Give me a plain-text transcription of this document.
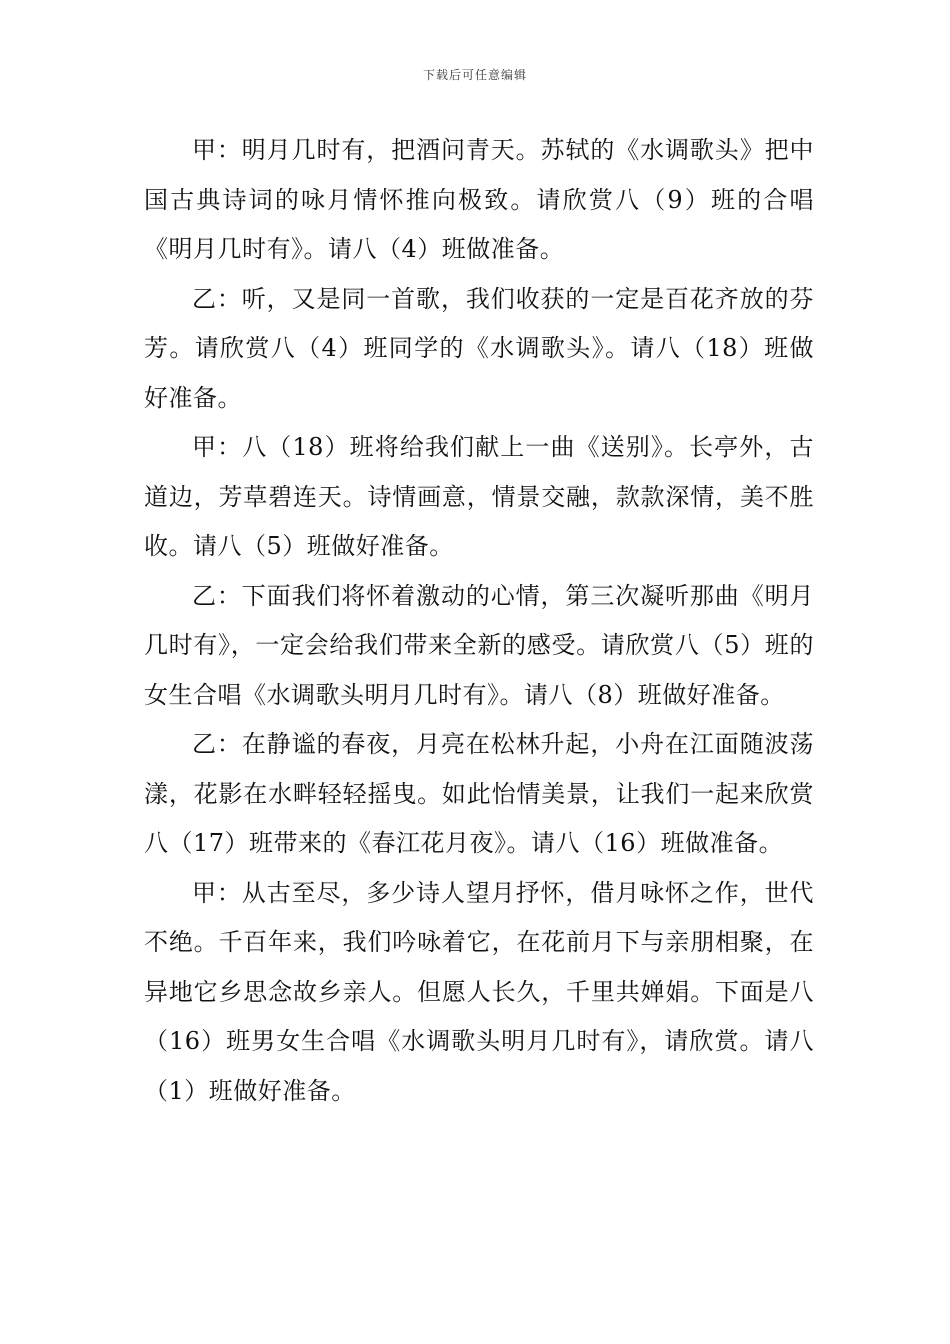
下载后可任意编辑

甲：明月几时有，把酒问青天。苏轼的《水调歌头》把中国古典诗词的咏月情怀推向极致。请欣赏八（9）班的合唱《明月几时有》。请八（4）班做准备。

乙：听，又是同一首歌，我们收获的一定是百花齐放的芬芳。请欣赏八（4）班同学的《水调歌头》。请八（18）班做好准备。

甲：八（18）班将给我们献上一曲《送别》。长亭外，古道边，芳草碧连天。诗情画意，情景交融，款款深情，美不胜收。请八（5）班做好准备。

乙：下面我们将怀着激动的心情，第三次凝听那曲《明月几时有》，一定会给我们带来全新的感受。请欣赏八（5）班的女生合唱《水调歌头明月几时有》。请八（8）班做好准备。

乙：在静谧的春夜，月亮在松林升起，小舟在江面随波荡漾，花影在水畔轻轻摇曳。如此怡情美景，让我们一起来欣赏八（17）班带来的《春江花月夜》。请八（16）班做准备。

甲：从古至尽，多少诗人望月抒怀，借月咏怀之作，世代不绝。千百年来，我们吟咏着它，在花前月下与亲朋相聚，在异地它乡思念故乡亲人。但愿人长久，千里共婵娟。下面是八（16）班男女生合唱《水调歌头明月几时有》，请欣赏。请八（1）班做好准备。
